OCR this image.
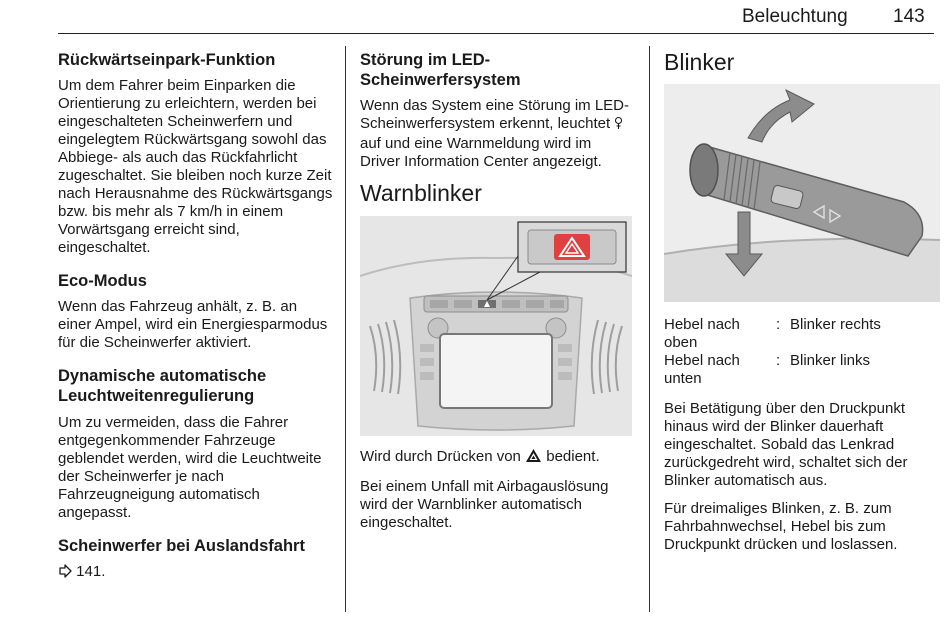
Beleuchtung 143
Rückwärtseinpark-Funktion

Um dem Fahrer beim Einparken die Orientierung zu erleichtern, werden bei eingeschalteten Scheinwerfern und eingelegtem Rückwärtsgang sowohl das Abbiege- als auch das Rückfahrlicht zugeschaltet. Sie bleiben noch kurze Zeit nach Herausnahme des Rückwärtsgangs bzw. bis mehr als 7 km/h in einem Vorwärtsgang erreicht sind, eingeschaltet.

Eco-Modus

Wenn das Fahrzeug anhält, z. B. an einer Ampel, wird ein Energiesparmodus für die Scheinwerfer aktiviert.

Dynamische automatische Leuchtweitenregulierung

Um zu vermeiden, dass die Fahrer entgegenkommender Fahrzeuge geblendet werden, wird die Leuchtweite der Scheinwerfer je nach Fahrzeugneigung automatisch angepasst.

Scheinwerfer bei Auslandsfahrt

141.

Störung im LED-Scheinwerfersystem

Wenn das System eine Störung im LED-Scheinwerfersystem erkennt, leuchtet  auf und eine Warnmeldung wird im Driver Information Center angezeigt.

Warnblinker

Wird durch Drücken von  bedient.

Bei einem Unfall mit Airbagauslösung wird der Warnblinker automatisch eingeschaltet.

Blinker
Hebel nach oben
: Blinker rechts
Hebel nach unten
: Blinker links

Bei Betätigung über den Druckpunkt hinaus wird der Blinker dauerhaft eingeschaltet. Sobald das Lenkrad zurückgedreht wird, schaltet sich der Blinker automatisch aus.

Für dreimaliges Blinken, z. B. zum Fahrbahnwechsel, Hebel bis zum Druckpunkt drücken und loslassen.
